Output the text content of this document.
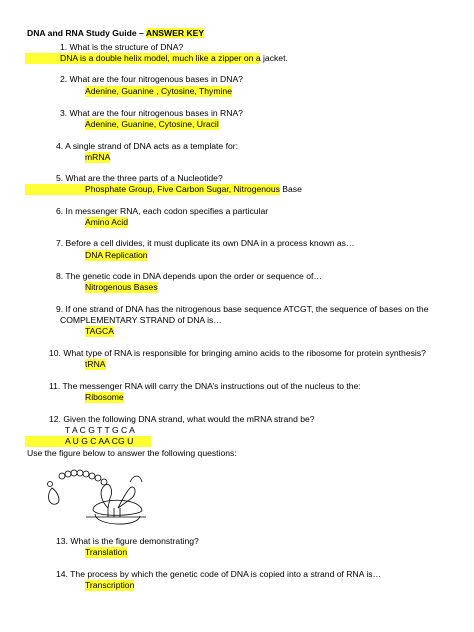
DNA and RNA Study Guide – ANSWER KEY
1. What is the structure of DNA?
DNA is a double helix model, much like a zipper on a jacket.
2. What are the four nitrogenous bases in DNA?
Adenine, Guanine , Cytosine, Thymine
3. What are the four nitrogenous bases in RNA?
Adenine, Guanine, Cytosine, Uracil
4. A single strand of DNA acts as a template for:
mRNA
5. What are the three parts of a Nucleotide?
Phosphate Group, Five Carbon Sugar, Nitrogenous Base
6. In messenger RNA, each codon specifies a particular
Amino Acid
7. Before a cell divides, it must duplicate its own DNA in a process known as…
DNA Replication
8. The genetic code in DNA depends upon the order or sequence of…
Nitrogenous Bases
9. If one strand of DNA has the nitrogenous base sequence ATCGT, the sequence of bases on the
COMPLEMENTARY STRAND of DNA is…
TAGCA
10. What type of RNA is responsible for bringing amino acids to the ribosome for protein synthesis?
tRNA
11. The messenger RNA will carry the DNA’s instructions out of the nucleus to the:
Ribosome
12. Given the following DNA strand, what would the mRNA strand be?
T A C G T T G C A
A U G C AA CG U
Use the figure below to answer the following questions:
13. What is the figure demonstrating?
Translation
14. The process by which the genetic code of DNA is copied into a strand of RNA is…
Transcription
